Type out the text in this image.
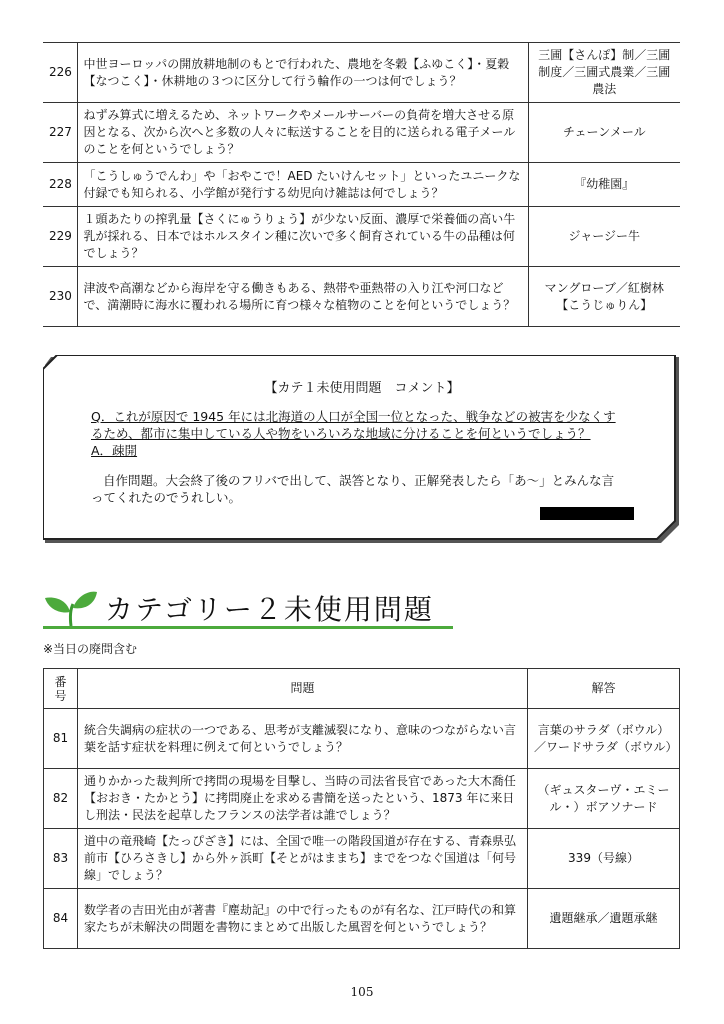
226	中世ヨーロッパの開放耕地制のもとで行われた、農地を冬穀【ふゆこく】・夏穀【なつこく】・休耕地の３つに区分して行う輪作の一つは何でしょう？	三圃【さんぽ】制／三圃制度／三圃式農業／三圃農法
227	ねずみ算式に増えるため、ネットワークやメールサーバーの負荷を増大させる原因となる、次から次へと多数の人々に転送することを目的に送られる電子メールのことを何というでしょう？	チェーンメール
228	「こうしゅうでんわ」や「おやこで！AED たいけんセット」といったユニークな付録でも知られる、小学館が発行する幼児向け雑誌は何でしょう？	『幼稚園』
229	１頭あたりの搾乳量【さくにゅうりょう】が少ない反面、濃厚で栄養価の高い牛乳が採れる、日本ではホルスタイン種に次いで多く飼育されている牛の品種は何でしょう？	ジャージー牛
230	津波や高潮などから海岸を守る働きもある、熱帯や亜熱帯の入り江や河口などで、満潮時に海水に覆われる場所に育つ様々な植物のことを何というでしょう？	マングローブ／紅樹林【こうじゅりん】
【カテ１未使用問題　コメント】
Q．これが原因で 1945 年には北海道の人口が全国一位となった、戦争などの被害を少なくす
るため、都市に集中している人や物をいろいろな地域に分けることを何というでしょう？
A．疎開
自作問題。大会終了後のフリバで出して、誤答となり、正解発表したら「あ～」とみんな言
ってくれたのでうれしい。
カテゴリー２未使用問題
※当日の廃問含む
番号	問題	解答
81	統合失調病の症状の一つである、思考が支離滅裂になり、意味のつながらない言葉を話す症状を料理に例えて何というでしょう？	言葉のサラダ（ボウル）／ワードサラダ（ボウル）
82	通りかかった裁判所で拷問の現場を目撃し、当時の司法省長官であった大木喬任【おおき・たかとう】に拷問廃止を求める書簡を送ったという、1873 年に来日し刑法・民法を起草したフランスの法学者は誰でしょう？	（ギュスターヴ・エミール・）ボアソナード
83	道中の竜飛崎【たっぴざき】には、全国で唯一の階段国道が存在する、青森県弘前市【ひろさきし】から外ヶ浜町【そとがはままち】までをつなぐ国道は「何号線」でしょう？	339（号線）
84	数学者の吉田光由が著書『塵劫記』の中で行ったものが有名な、江戸時代の和算家たちが未解決の問題を書物にまとめて出版した風習を何というでしょう？	遺題継承／遺題承継
105
